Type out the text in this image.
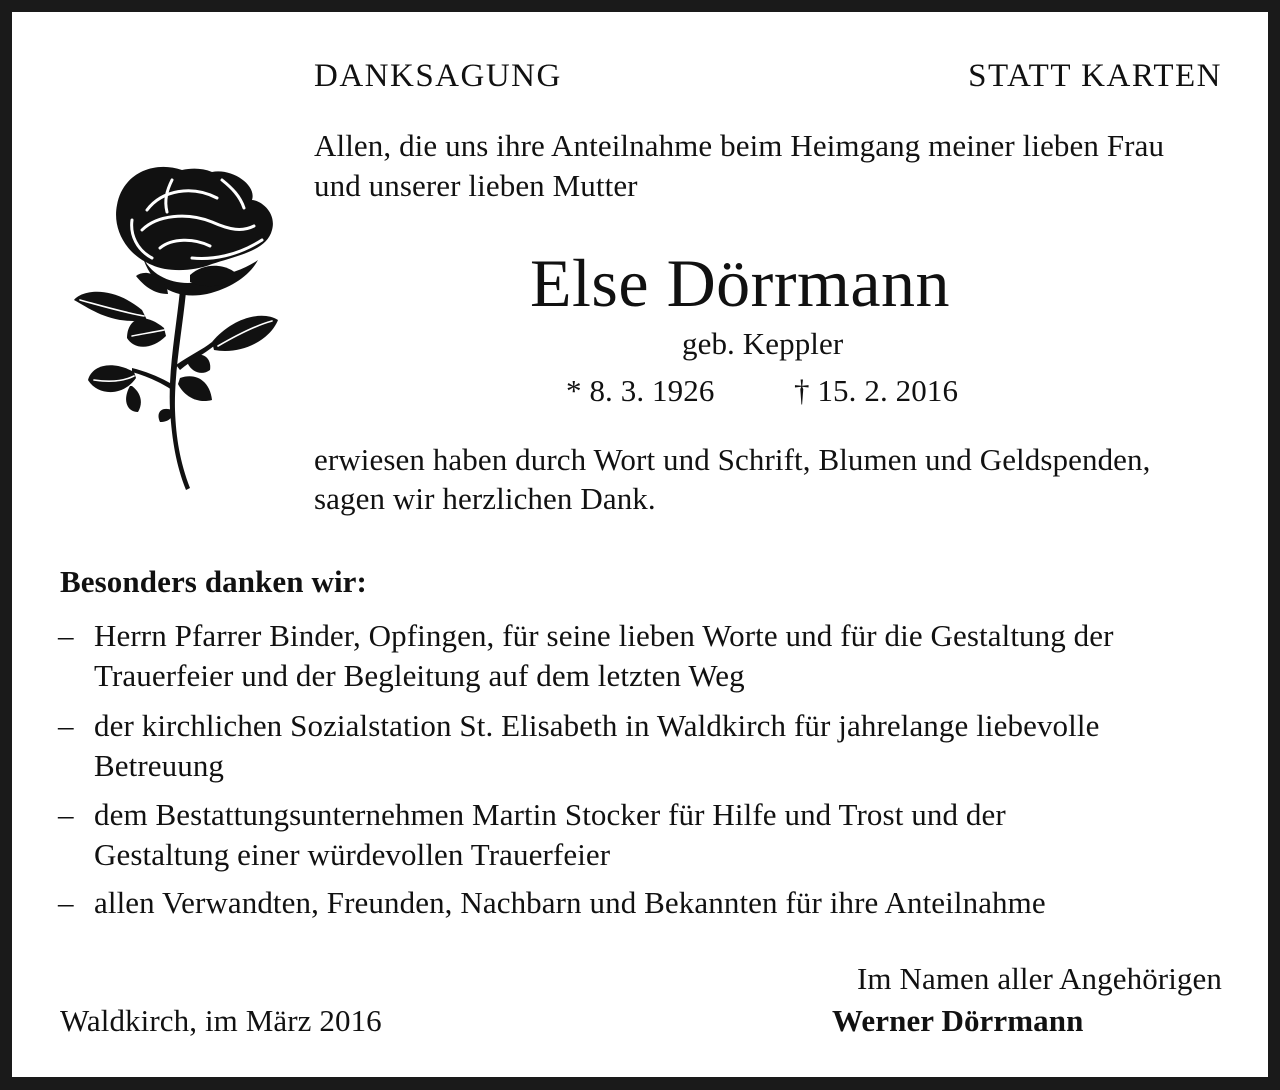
DANKSAGUNG	STATT KARTEN
Allen, die uns ihre Anteilnahme beim Heimgang meiner lieben Frau
und unserer lieben Mutter
Else Dörrmann
geb. Keppler
* 8. 3. 1926	† 15. 2. 2016
erwiesen haben durch Wort und Schrift, Blumen und Geldspenden,
sagen wir herzlichen Dank.
Besonders danken wir:
– Herrn Pfarrer Binder, Opfingen, für seine lieben Worte und für die Gestaltung der
Trauerfeier und der Begleitung auf dem letzten Weg
– der kirchlichen Sozialstation St. Elisabeth in Waldkirch für jahrelange liebevolle
Betreuung
– dem Bestattungsunternehmen Martin Stocker für Hilfe und Trost und der
Gestaltung einer würdevollen Trauerfeier
– allen Verwandten, Freunden, Nachbarn und Bekannten für ihre Anteilnahme
Im Namen aller Angehörigen
Waldkirch, im März 2016	Werner Dörrmann
